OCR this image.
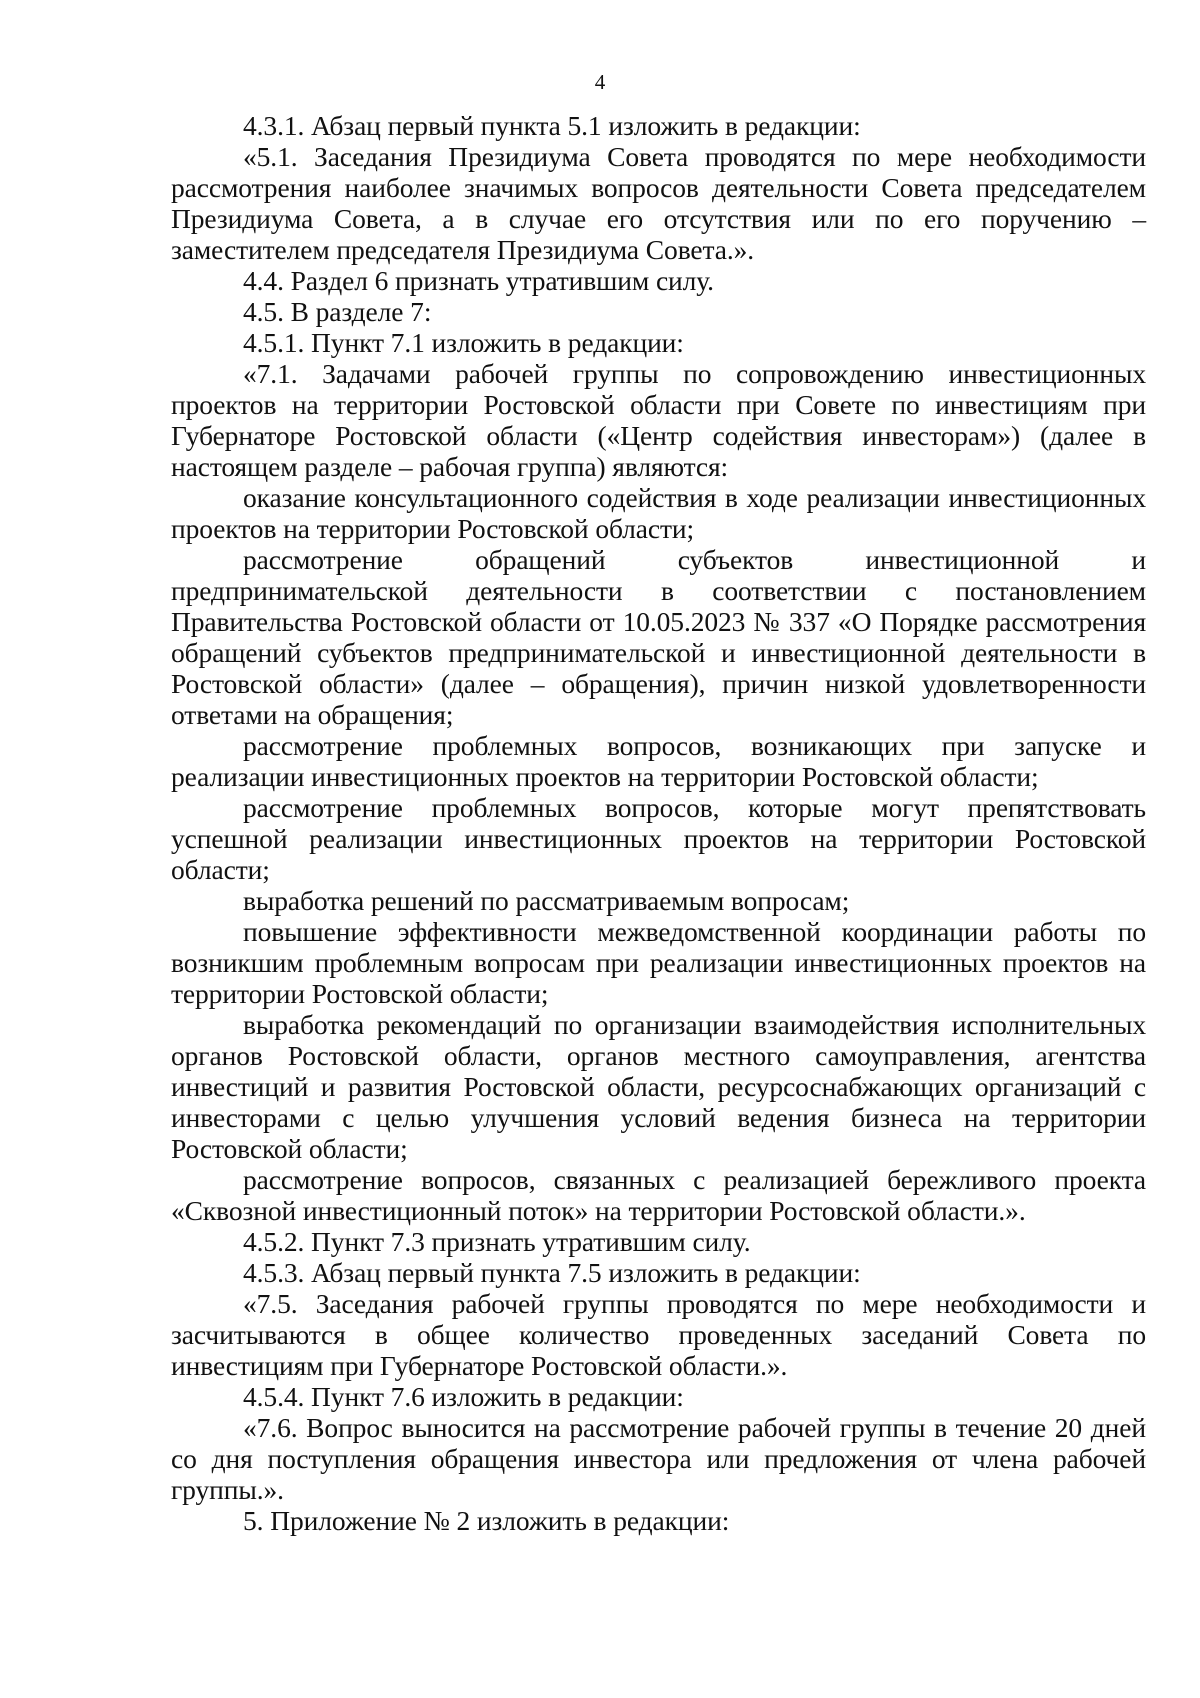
4

4.3.1. Абзац первый пункта 5.1 изложить в редакции:

«5.1. Заседания Президиума Совета проводятся по мере необходимости рассмотрения наиболее значимых вопросов деятельности Совета председателем Президиума Совета, а в случае его отсутствия или по его поручению – заместителем председателя Президиума Совета.».

4.4. Раздел 6 признать утратившим силу.

4.5. В разделе 7:

4.5.1. Пункт 7.1 изложить в редакции:

«7.1. Задачами рабочей группы по сопровождению инвестиционных проектов на территории Ростовской области при Совете по инвестициям при Губернаторе Ростовской области («Центр содействия инвесторам») (далее в настоящем разделе – рабочая группа) являются:

оказание консультационного содействия в ходе реализации инвестиционных проектов на территории Ростовской области;

рассмотрение обращений субъектов инвестиционной и предпринимательской деятельности в соответствии с постановлением Правительства Ростовской области от 10.05.2023 № 337 «О Порядке рассмотрения обращений субъектов предпринимательской и инвестиционной деятельности в Ростовской области» (далее – обращения), причин низкой удовлетворенности ответами на обращения;

рассмотрение проблемных вопросов, возникающих при запуске и реализации инвестиционных проектов на территории Ростовской области;

рассмотрение проблемных вопросов, которые могут препятствовать успешной реализации инвестиционных проектов на территории Ростовской области;

выработка решений по рассматриваемым вопросам;

повышение эффективности межведомственной координации работы по возникшим проблемным вопросам при реализации инвестиционных проектов на территории Ростовской области;

выработка рекомендаций по организации взаимодействия исполнительных органов Ростовской области, органов местного самоуправления, агентства инвестиций и развития Ростовской области, ресурсоснабжающих организаций с инвесторами с целью улучшения условий ведения бизнеса на территории Ростовской области;

рассмотрение вопросов, связанных с реализацией бережливого проекта «Сквозной инвестиционный поток» на территории Ростовской области.».

4.5.2. Пункт 7.3 признать утратившим силу.

4.5.3. Абзац первый пункта 7.5 изложить в редакции:

«7.5. Заседания рабочей группы проводятся по мере необходимости и засчитываются в общее количество проведенных заседаний Совета по инвестициям при Губернаторе Ростовской области.».

4.5.4. Пункт 7.6 изложить в редакции:

«7.6. Вопрос выносится на рассмотрение рабочей группы в течение 20 дней со дня поступления обращения инвестора или предложения от члена рабочей группы.».

5. Приложение № 2 изложить в редакции:
